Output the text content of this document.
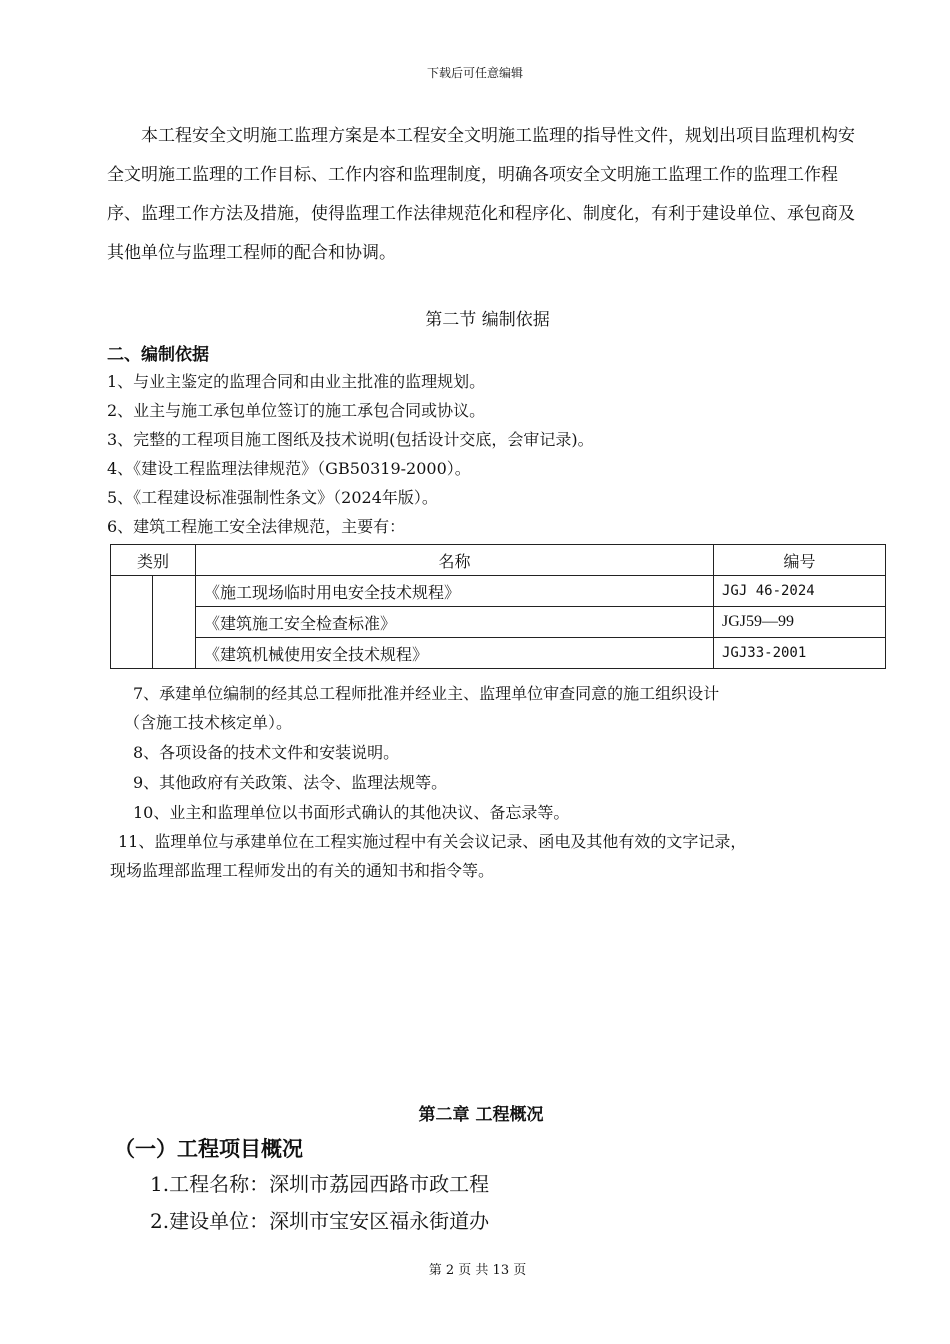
下载后可任意编辑

本工程安全文明施工监理方案是本工程安全文明施工监理的指导性文件，规划出项目监理机构安全文明施工监理的工作目标、工作内容和监理制度，明确各项安全文明施工监理工作的监理工作程序、监理工作方法及措施，使得监理工作法律规范化和程序化、制度化，有利于建设单位、承包商及其他单位与监理工程师的配合和协调。

第二节 编制依据
二、编制依据
1、与业主鉴定的监理合同和由业主批准的监理规划。
2、业主与施工承包单位签订的施工承包合同或协议。
3、完整的工程项目施工图纸及技术说明(包括设计交底，会审记录)。
4、《建设工程监理法律规范》（GB50319-2000）。
5、《工程建设标准强制性条文》（2024年版）。
6、建筑工程施工安全法律规范，主要有：
类别		名称	编号
		《施工现场临时用电安全技术规程》	JGJ 46-2024
		《建筑施工安全检查标准》	JGJ59—99
		《建筑机械使用安全技术规程》	JGJ33-2001
7、承建单位编制的经其总工程师批准并经业主、监理单位审查同意的施工组织设计
（含施工技术核定单）。
8、各项设备的技术文件和安装说明。
9、其他政府有关政策、法令、监理法规等。
10、业主和监理单位以书面形式确认的其他决议、备忘录等。
11、监理单位与承建单位在工程实施过程中有关会议记录、函电及其他有效的文字记录，
现场监理部监理工程师发出的有关的通知书和指令等。
第二章 工程概况
（一）工程项目概况
1.工程名称：深圳市荔园西路市政工程
2.建设单位：深圳市宝安区福永街道办
第 2 页 共 13 页
